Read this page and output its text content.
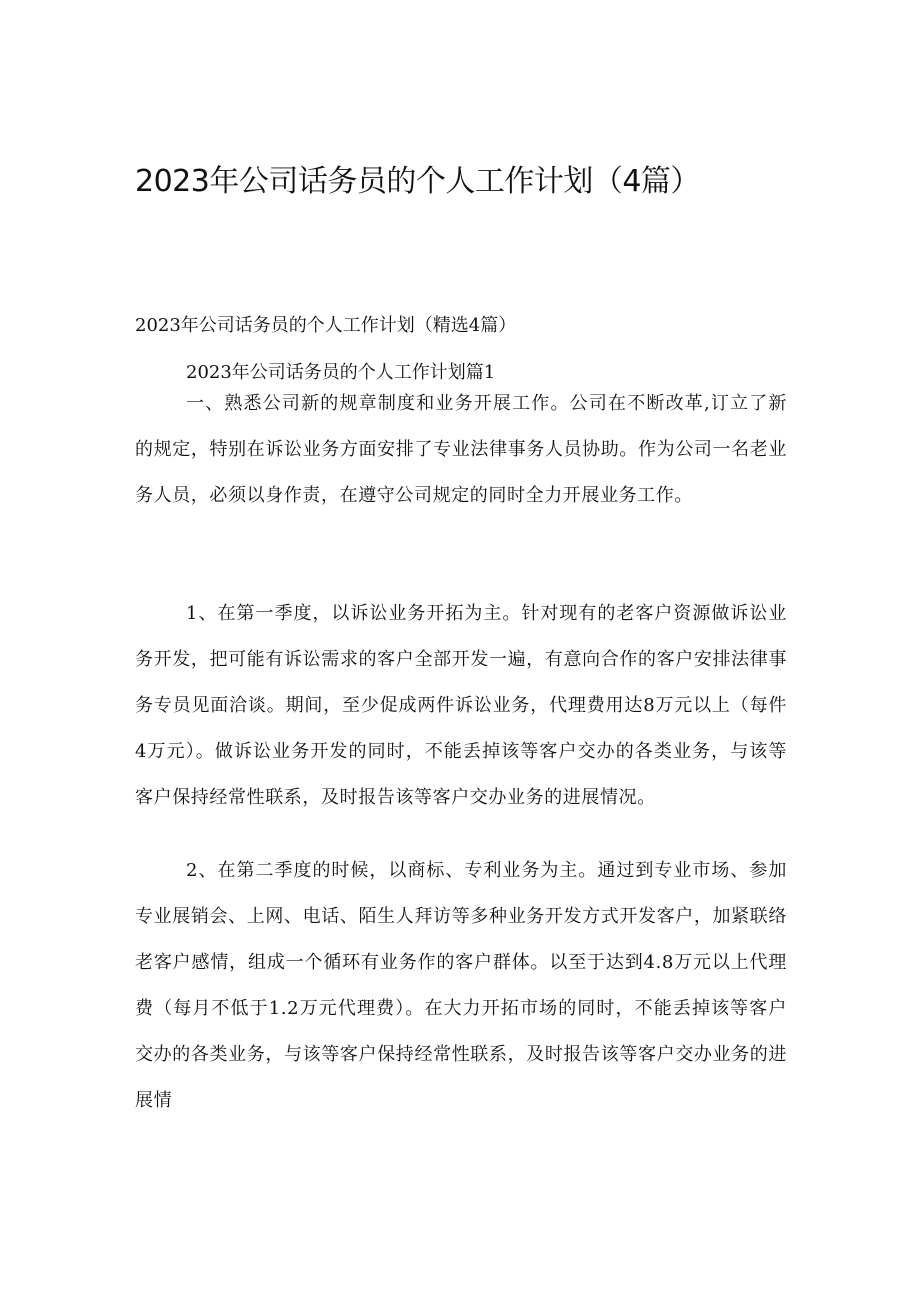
2023年公司话务员的个人工作计划（4篇）

2023年公司话务员的个人工作计划（精选4篇）

2023年公司话务员的个人工作计划篇1

一、熟悉公司新的规章制度和业务开展工作。公司在不断改革,订立了新的规定，特别在诉讼业务方面安排了专业法律事务人员协助。作为公司一名老业务人员，必须以身作责，在遵守公司规定的同时全力开展业务工作。

1、在第一季度，以诉讼业务开拓为主。针对现有的老客户资源做诉讼业务开发，把可能有诉讼需求的客户全部开发一遍，有意向合作的客户安排法律事务专员见面洽谈。期间，至少促成两件诉讼业务，代理费用达8万元以上（每件4万元）。做诉讼业务开发的同时，不能丢掉该等客户交办的各类业务，与该等客户保持经常性联系，及时报告该等客户交办业务的进展情况。

2、在第二季度的时候，以商标、专利业务为主。通过到专业市场、参加专业展销会、上网、电话、陌生人拜访等多种业务开发方式开发客户，加紧联络老客户感情，组成一个循环有业务作的客户群体。以至于达到4.8万元以上代理费（每月不低于1.2万元代理费）。在大力开拓市场的同时，不能丢掉该等客户交办的各类业务，与该等客户保持经常性联系，及时报告该等客户交办业务的进展情
